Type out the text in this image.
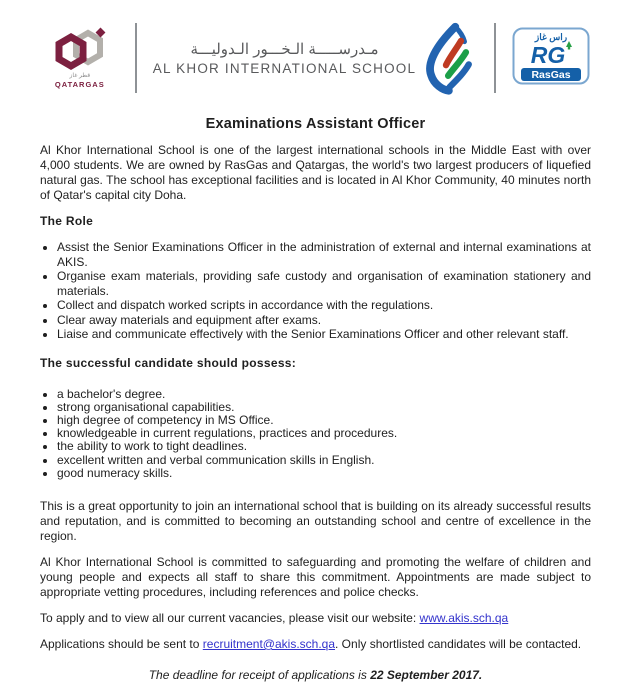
قطر غاز
QATARGAS
مـدرســـــة الـخـــور الـدوليـــة
AL KHOR INTERNATIONAL SCHOOL
راس غاز
RG
RasGas
Examinations Assistant Officer

Al Khor International School is one of the largest international schools in the Middle East with over 4,000 students. We are owned by RasGas and Qatargas, the world's two largest producers of liquefied natural gas. The school has exceptional facilities and is located in Al Khor Community, 40 minutes north of Qatar's capital city Doha.

The Role
• Assist the Senior Examinations Officer in the administration of external and internal examinations at AKIS.
• Organise exam materials, providing safe custody and organisation of examination stationery and materials.
• Collect and dispatch worked scripts in accordance with the regulations.
• Clear away materials and equipment after exams.
• Liaise and communicate effectively with the Senior Examinations Officer and other relevant staff.
The successful candidate should possess:
• a bachelor's degree.
• strong organisational capabilities.
• high degree of competency in MS Office.
• knowledgeable in current regulations, practices and procedures.
• the ability to work to tight deadlines.
• excellent written and verbal communication skills in English.
• good numeracy skills.

This is a great opportunity to join an international school that is building on its already successful results and reputation, and is committed to becoming an outstanding school and centre of excellence in the region.

Al Khor International School is committed to safeguarding and promoting the welfare of children and young people and expects all staff to share this commitment. Appointments are made subject to appropriate vetting procedures, including references and police checks.

To apply and to view all our current vacancies, please visit our website: www.akis.sch.qa

Applications should be sent to recruitment@akis.sch.qa. Only shortlisted candidates will be contacted.

The deadline for receipt of applications is 22 September 2017.
